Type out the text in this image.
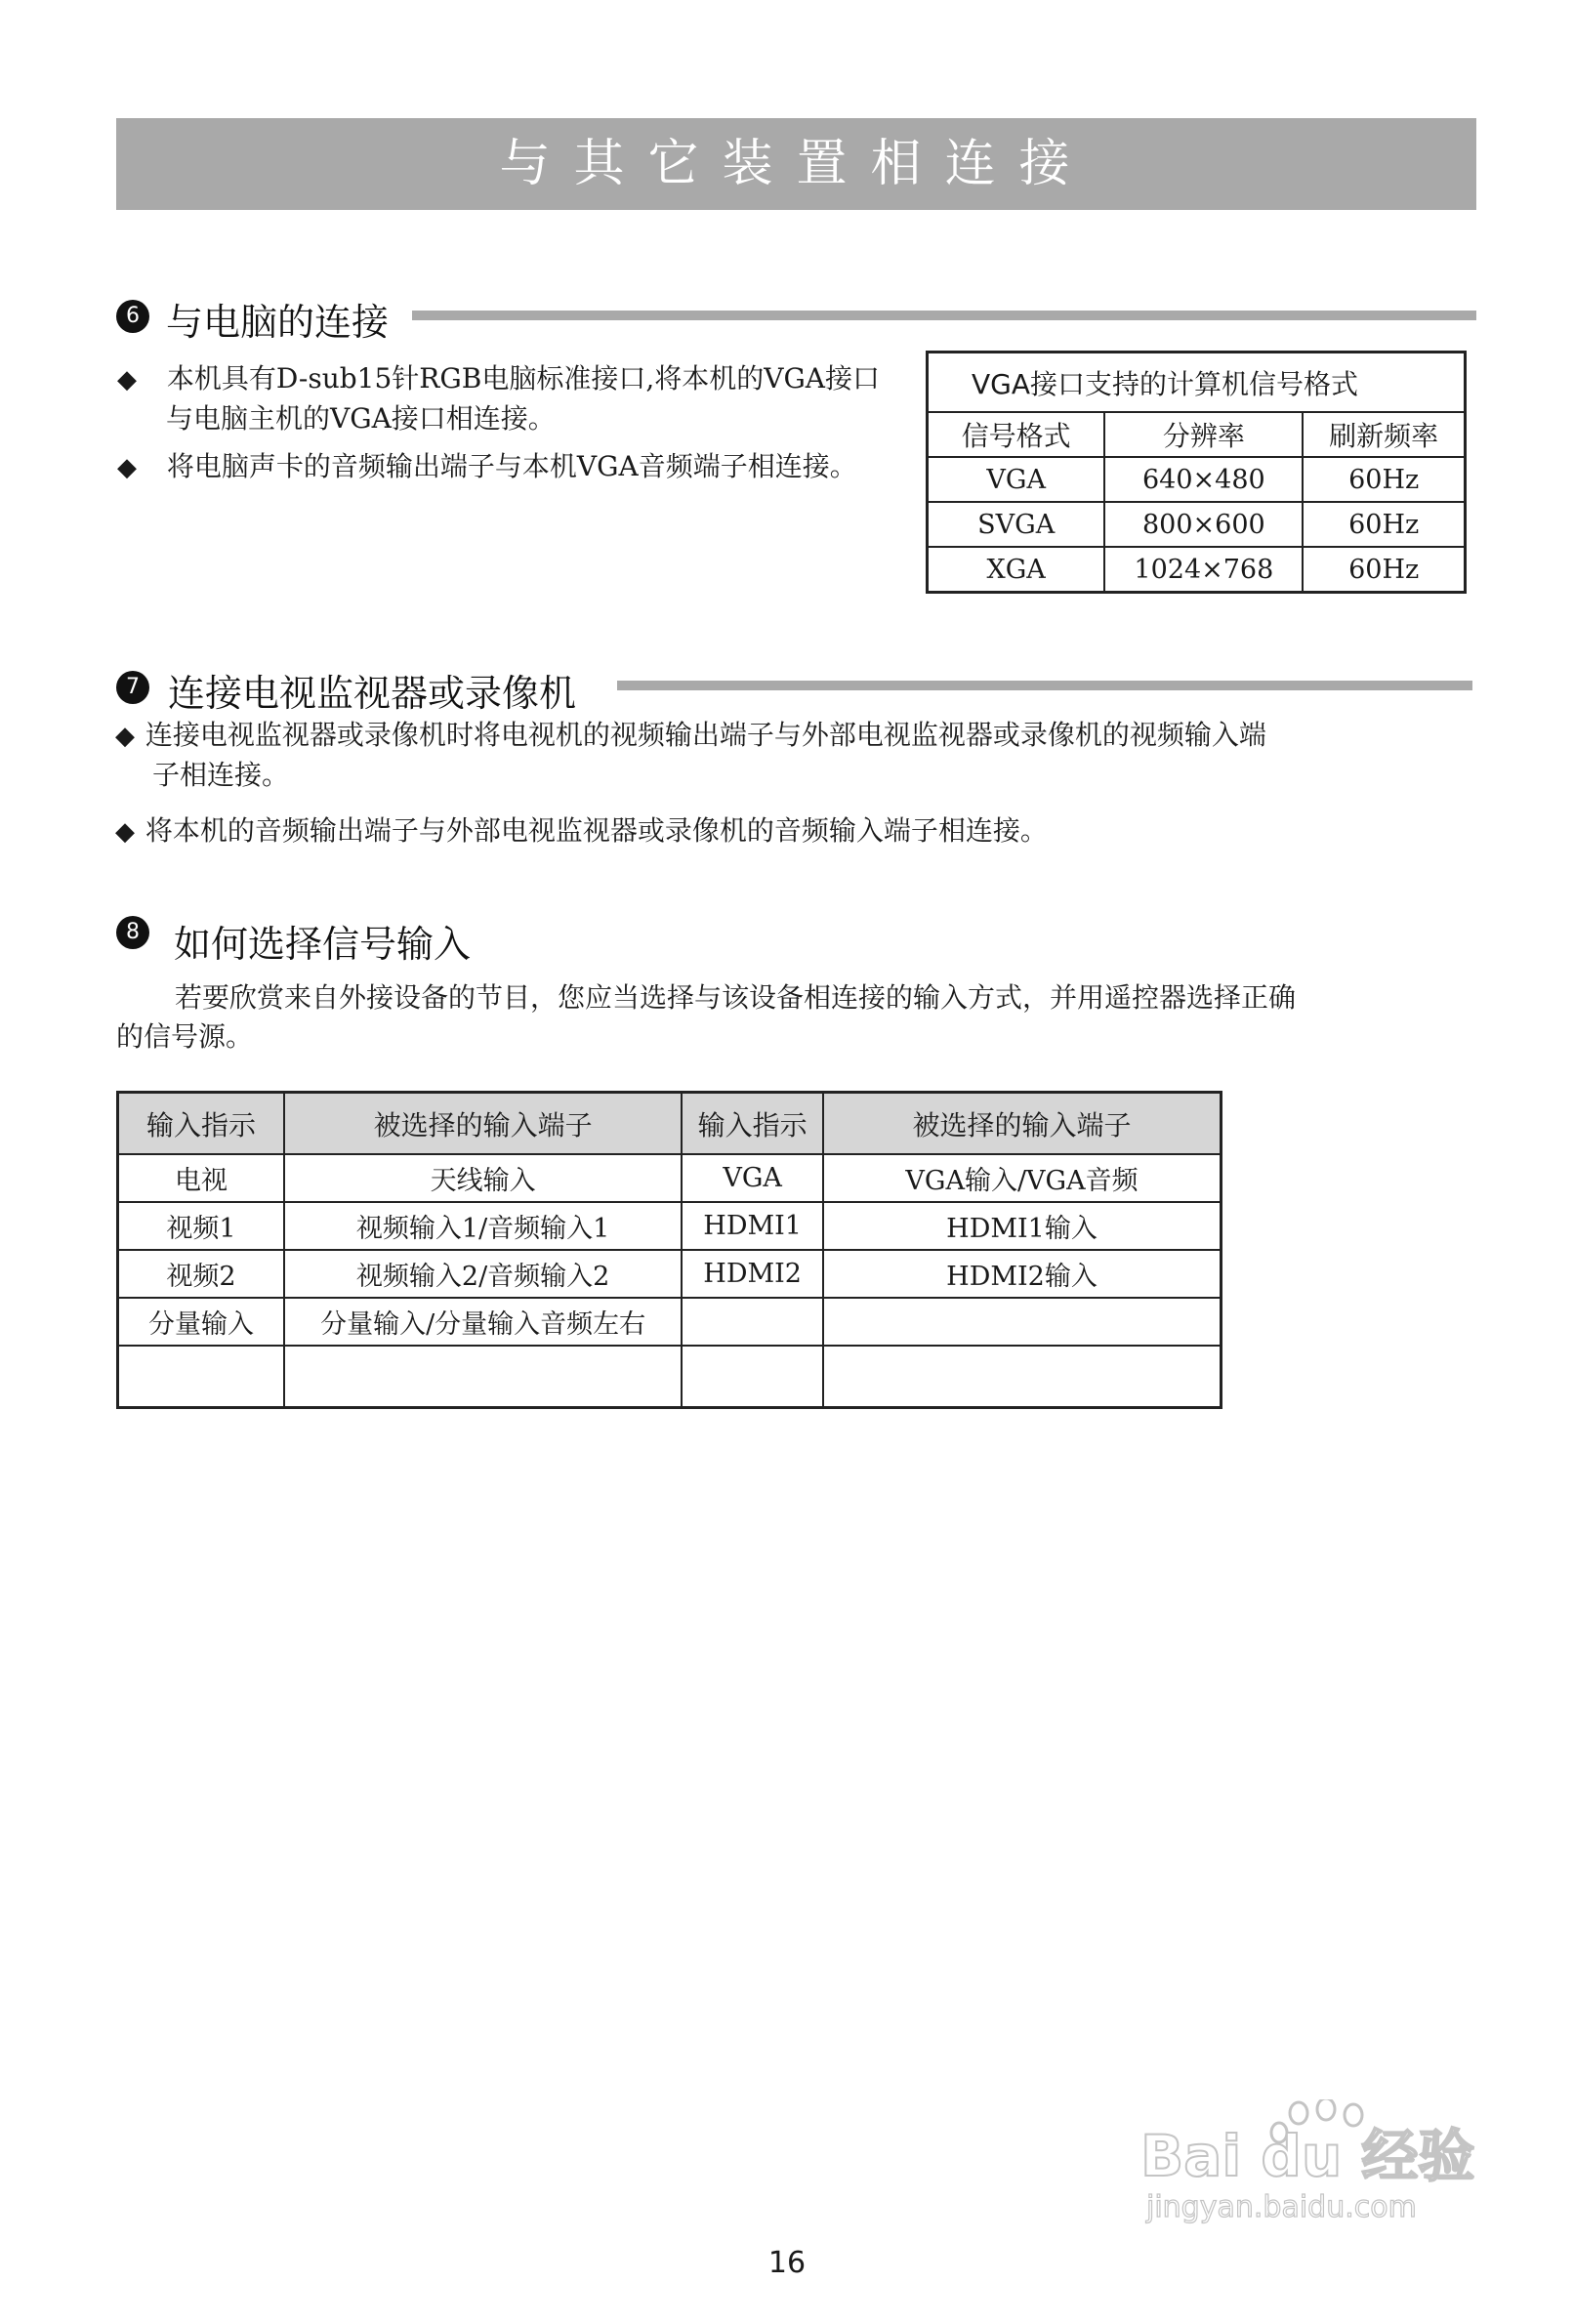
与其它装置相连接
6 与电脑的连接
◆ 本机具有D-sub15针RGB电脑标准接口,将本机的VGA接口
与电脑主机的VGA接口相连接。
◆ 将电脑声卡的音频输出端子与本机VGA音频端子相连接。
VGA接口支持的计算机信号格式		
信号格式	分辨率	刷新频率
VGA	640×480	60Hz
SVGA	800×600	60Hz
XGA	1024×768	60Hz
7 连接电视监视器或录像机
◆ 连接电视监视器或录像机时将电视机的视频输出端子与外部电视监视器或录像机的视频输入端
子相连接。
◆ 将本机的音频输出端子与外部电视监视器或录像机的音频输入端子相连接。
8 如何选择信号输入
若要欣赏来自外接设备的节目，您应当选择与该设备相连接的输入方式，并用遥控器选择正确
的信号源。
输入指示	被选择的输入端子	输入指示	被选择的输入端子
电视	天线输入	VGA	VGA输入/VGA音频
视频1	视频输入1/音频输入1	HDMI1	HDMI1输入
视频2	视频输入2/音频输入2	HDMI2	HDMI2输入
分量输入	分量输入/分量输入音频左右		

Bai du 经验
jingyan.baidu.com
16
